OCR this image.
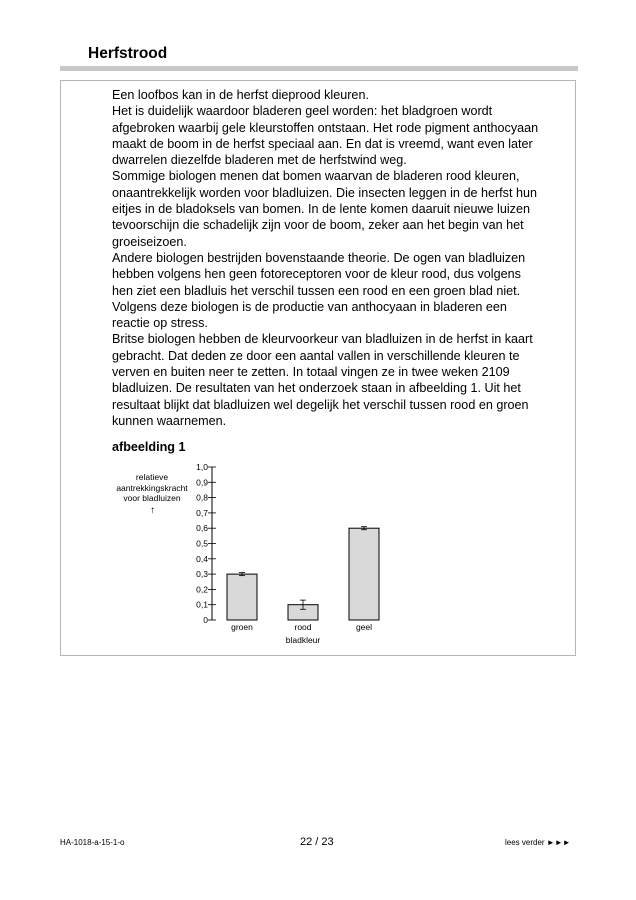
Herfstrood

Een loofbos kan in de herfst dieprood kleuren.

Het is duidelijk waardoor bladeren geel worden: het bladgroen wordt afgebroken waarbij gele kleurstoffen ontstaan. Het rode pigment anthocyaan maakt de boom in de herfst speciaal aan. En dat is vreemd, want even later dwarrelen diezelfde bladeren met de herfstwind weg.

Sommige biologen menen dat bomen waarvan de bladeren rood kleuren, onaantrekkelijk worden voor bladluizen. Die insecten leggen in de herfst hun eitjes in de bladoksels van bomen. In de lente komen daaruit nieuwe luizen tevoorschijn die schadelijk zijn voor de boom, zeker aan het begin van het groeiseizoen.

Andere biologen bestrijden bovenstaande theorie. De ogen van bladluizen hebben volgens hen geen fotoreceptoren voor de kleur rood, dus volgens hen ziet een bladluis het verschil tussen een rood en een groen blad niet. Volgens deze biologen is de productie van anthocyaan in bladeren een reactie op stress.

Britse biologen hebben de kleurvoorkeur van bladluizen in de herfst in kaart gebracht. Dat deden ze door een aantal vallen in verschillende kleuren te verven en buiten neer te zetten. In totaal vingen ze in twee weken 2109 bladluizen. De resultaten van het onderzoek staan in afbeelding 1. Uit het resultaat blijkt dat bladluizen wel degelijk het verschil tussen rood en groen kunnen waarnemen.

afbeelding 1
relatieve
aantrekkingskracht
voor bladluizen
↑
0
0,1
0,2
0,3
0,4
0,5
0,6
0,7
0,8
0,9
1,0
groen	rood	geel
bladkleur
HA-1018-a-15-1-o	22 / 23	lees verder ►►►
